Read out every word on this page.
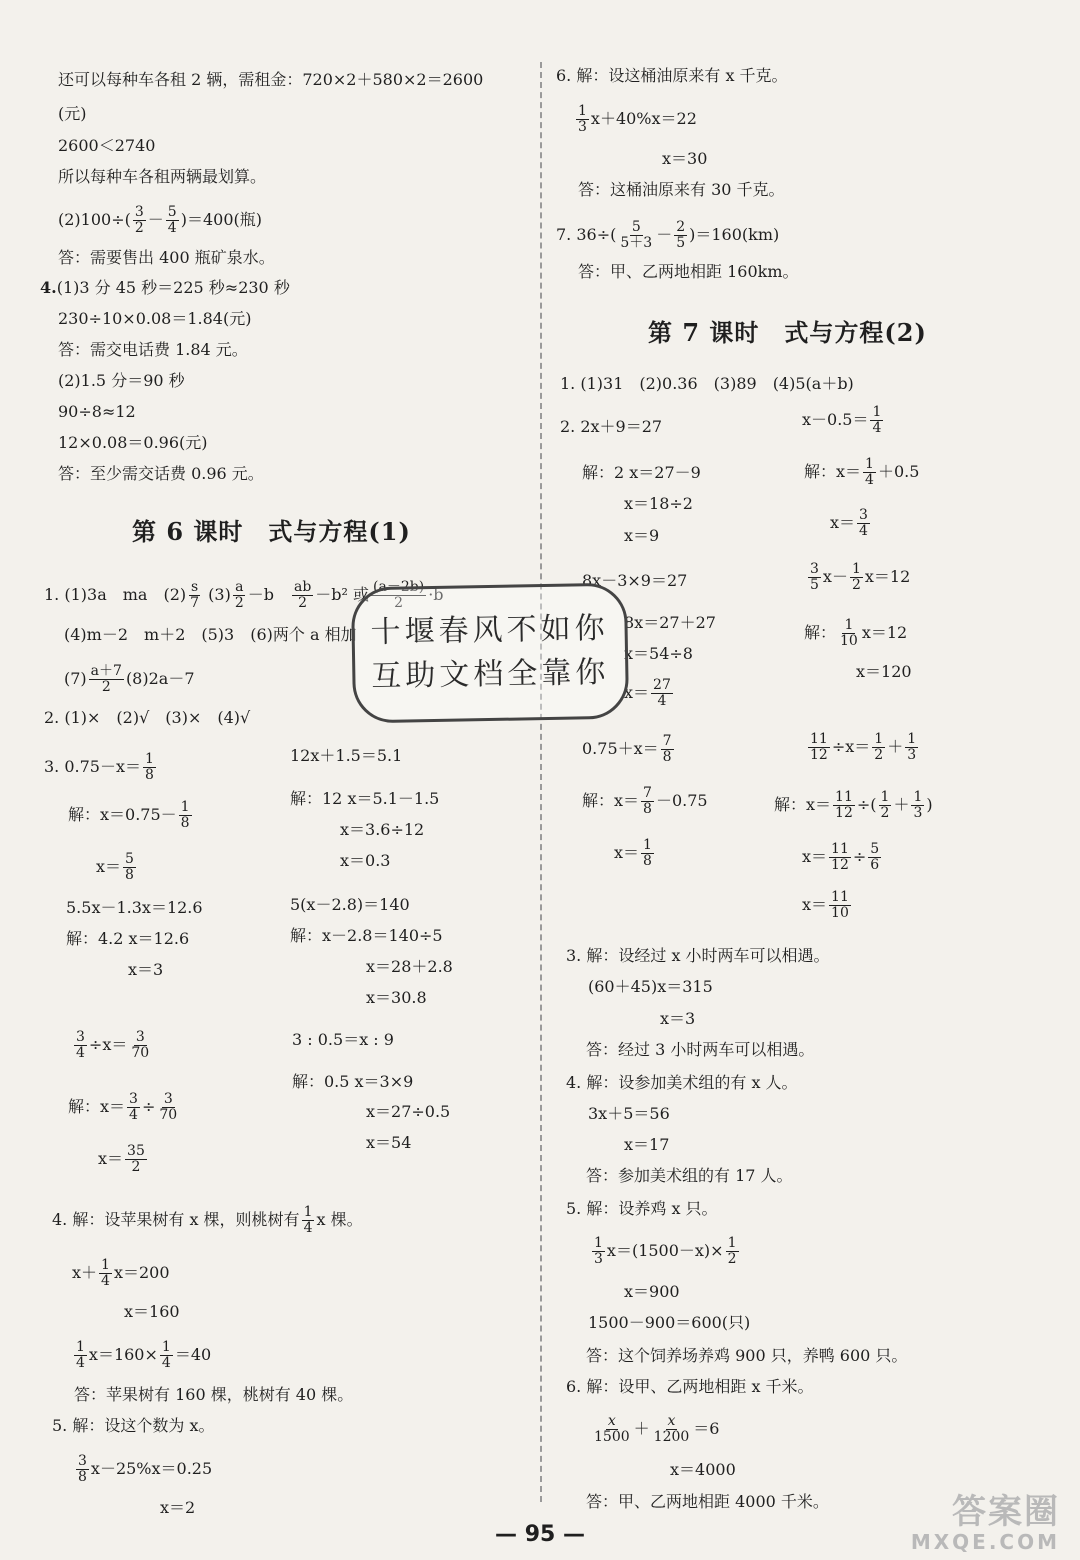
还可以每种车各租 2 辆，需租金：720×2＋580×2＝2600
(元)
2600＜2740
所以每种车各租两辆最划算。
$(2)100\div( \frac{3}{2} - \frac{5}{4} )=400$(瓶)
答：需要售出 400 瓶矿泉水。
4.(1)3 分 45 秒＝225 秒≈230 秒
230÷10×0.08＝1.84(元)
答：需交电话费 1.84 元。
(2)1.5 分＝90 秒
90÷8≈12
12×0.08＝0.96(元)
答：至少需交话费 0.96 元。
第 6 课时　式与方程(1)
1. (1)3a　ma　$(2) \frac{s}{7} (3) \frac{a}{2} -b$　 $\frac{ab}{2} -b^2$ 或 $\frac{(a-2b)}{2} \cdot b$
(4)m－2　m＋2　(5)3　(6)两个 a 相加
$(7) \frac{a+7}{2} (8)2a-7$
2. (1)×　(2)√　(3)×　(4)√
3. $0.75-x= \frac{1}{8}$
解：$x=0.75- \frac{1}{8}$
$x= \frac{5}{8}$
12x＋1.5＝5.1
解：12 x＝5.1－1.5
x＝3.6÷12
x＝0.3
5.5x－1.3x＝12.6
解：4.2 x＝12.6
x＝3
5(x－2.8)＝140
解：x－2.8＝140÷5
x＝28＋2.8
x＝30.8
$\frac{3}{4} \div x= \frac{3}{70}$
解：$x= \frac{3}{4} \div \frac{3}{70}$
$x= \frac{35}{2}$
3 : 0.5＝x : 9
解：0.5 x＝3×9
x＝27÷0.5
x＝54
4. 解：设苹果树有 x 棵，则桃树有 $\frac{1}{4}$ x 棵。
$x+ \frac{1}{4} x=200$
x＝160
$\frac{1}{4} x=160\times \frac{1}{4} =40$
答：苹果树有 160 棵，桃树有 40 棵。
5. 解：设这个数为 x。
$\frac{3}{8} x-25\%x=0.25$
x＝2
6. 解：设这桶油原来有 x 千克。
$\frac{1}{3} x+40\%x=22$
x＝30
答：这桶油原来有 30 千克。
7. $36\div( \frac{5}{5+3} - \frac{2}{5} )=160(km)$
答：甲、乙两地相距 160km。
第 7 课时　式与方程(2)
1. (1)31　(2)0.36　(3)89　(4)5(a＋b)
2. 2x＋9＝27
解：2 x＝27－9
x＝18÷2
x＝9
$x-0.5= \frac{1}{4}$
解：$x= \frac{1}{4} +0.5$
$x= \frac{3}{4}$
8x－3×9＝27
8x＝27＋27
x＝54÷8
$x= \frac{27}{4}$
$\frac{3}{5} x- \frac{1}{2} x=12$
解： $\frac{1}{10} x=12$
x＝120
$0.75+x= \frac{7}{8}$
解：$x= \frac{7}{8} -0.75$
$x= \frac{1}{8}$
$\frac{11}{12} \div x= \frac{1}{2} + \frac{1}{3}$
解：$x= \frac{11}{12}$ ÷( $\frac{1}{2} + \frac{1}{3}$ )
$x= \frac{11}{12} \div \frac{5}{6}$
$x= \frac{11}{10}$
3. 解：设经过 x 小时两车可以相遇。
(60＋45)x＝315
x＝3
答：经过 3 小时两车可以相遇。
4. 解：设参加美术组的有 x 人。
3x＋5＝56
x＝17
答：参加美术组的有 17 人。
5. 解：设养鸡 x 只。
$\frac{1}{3} x=(1500-x)\times \frac{1}{2}$
x＝900
1500－900＝600(只)
答：这个饲养场养鸡 900 只，养鸭 600 只。
6. 解：设甲、乙两地相距 x 千米。
$\frac{x}{1500} + \frac{x}{1200} =6$
x＝4000
答：甲、乙两地相距 4000 千米。
十堰春风不如你
互助文档全靠你
— 95 —
答案圈
MXQE.COM
